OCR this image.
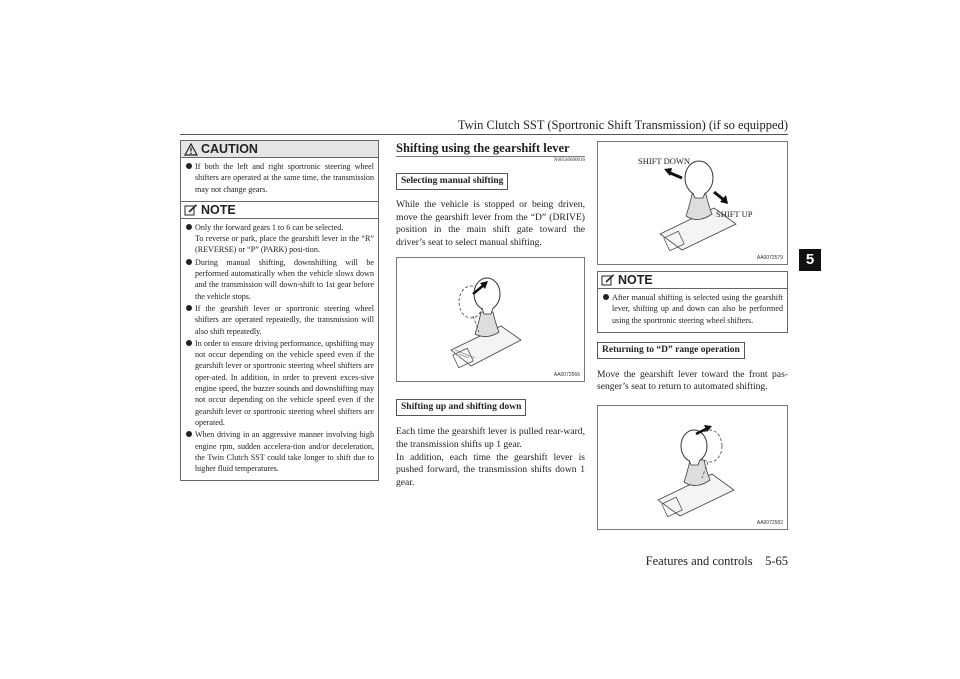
Twin Clutch SST (Sportronic Shift Transmission) (if so equipped)
5
CAUTION
If both the left and right sportronic steering wheel shifters are operated at the same time, the transmission may not change gears.
NOTE
Only the forward gears 1 to 6 can be selected.
To reverse or park, place the gearshift lever in the “R” (REVERSE) or “P” (PARK) posi-tion.
During manual shifting, downshifting will be performed automatically when the vehicle slows down and the transmission will down-shift to 1st gear before the vehicle stops.
If the gearshift lever or sportronic steering wheel shifters are operated repeatedly, the transmission will also shift repeatedly.
In order to ensure driving performance, upshifting may not occur depending on the vehicle speed even if the gearshift lever or sportronic steering wheel shifters are oper-ated. In addition, in order to prevent exces-sive engine speed, the buzzer sounds and downshifting may not occur depending on the vehicle speed even if the gearshift lever or sportronic steering wheel shifters are operated.
When driving in an aggressive manner involving high engine rpm, sudden accelera-tion and/or deceleration, the Twin Clutch SST could take longer to shift due to higher fluid temperatures.
Shifting using the gearshift lever
N00540600016
Selecting manual shifting

While the vehicle is stopped or being driven, move the gearshift lever from the “D” (DRIVE) position in the main shift gate toward the driver’s seat to select manual shifting.

AA0072566
Shifting up and shifting down

Each time the gearshift lever is pulled rear-ward, the transmission shifts up 1 gear.
In addition, each time the gearshift lever is pushed forward, the transmission shifts down 1 gear.

SHIFT DOWN
SHIFT UP
AA0072579
NOTE
After manual shifting is selected using the gearshift lever, shifting up and down can also be performed using the sportronic steering wheel shifters.
Returning to “D” range operation

Move the gearshift lever toward the front pas-senger’s seat to return to automated shifting.

AA0072582
Features and controls    5-65
